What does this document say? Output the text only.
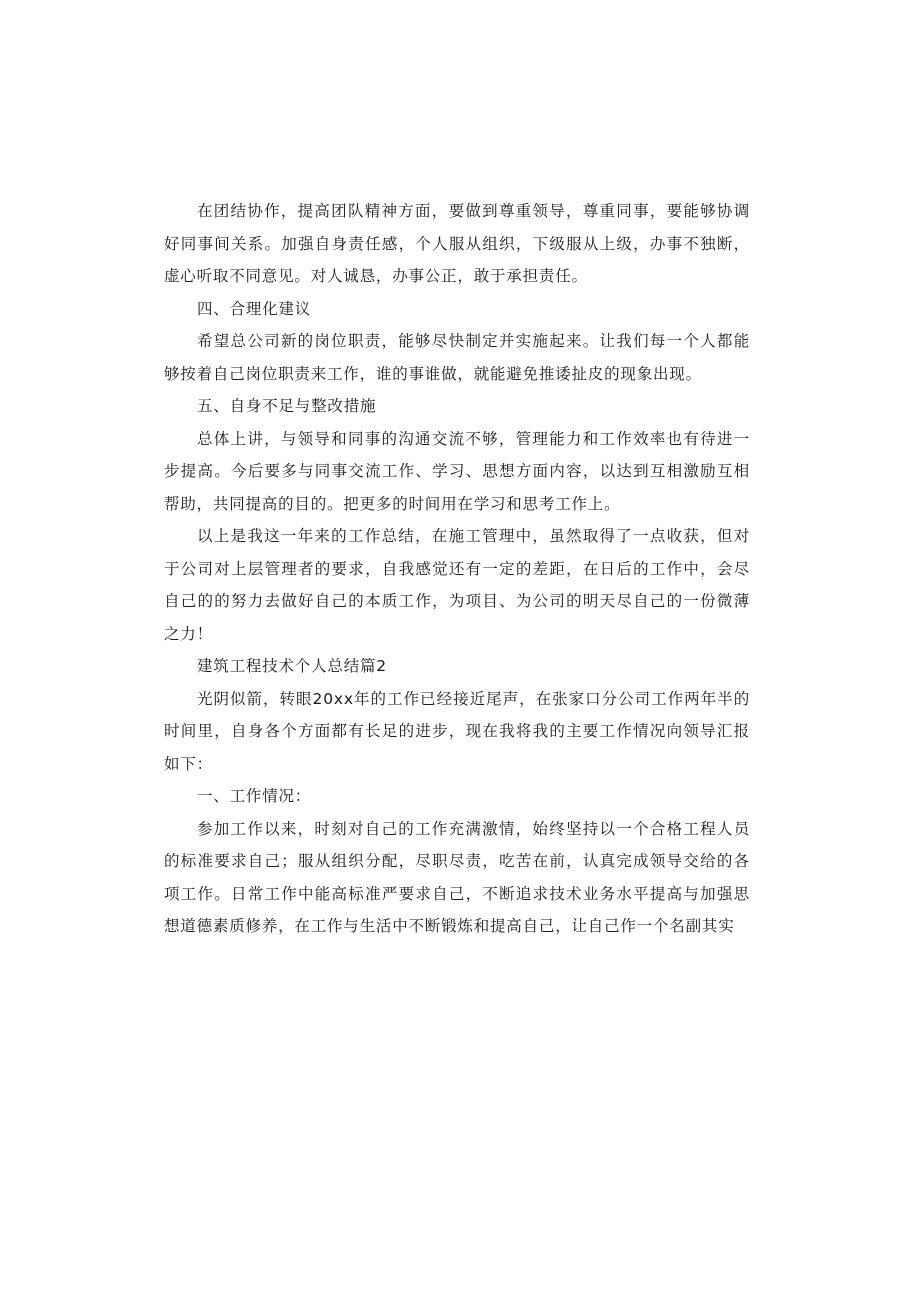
在团结协作，提高团队精神方面，要做到尊重领导，尊重同事，要能够协调好同事间关系。加强自身责任感，个人服从组织，下级服从上级，办事不独断，虚心听取不同意见。对人诚恳，办事公正，敢于承担责任。

四、合理化建议

希望总公司新的岗位职责，能够尽快制定并实施起来。让我们每一个人都能够按着自己岗位职责来工作，谁的事谁做，就能避免推诿扯皮的现象出现。

五、自身不足与整改措施

总体上讲，与领导和同事的沟通交流不够，管理能力和工作效率也有待进一步提高。今后要多与同事交流工作、学习、思想方面内容，以达到互相激励互相帮助，共同提高的目的。把更多的时间用在学习和思考工作上。

以上是我这一年来的工作总结，在施工管理中，虽然取得了一点收获，但对于公司对上层管理者的要求，自我感觉还有一定的差距，在日后的工作中，会尽自己的的努力去做好自己的本质工作，为项目、为公司的明天尽自己的一份微薄之力！

建筑工程技术个人总结篇2

光阴似箭，转眼20xx年的工作已经接近尾声，在张家口分公司工作两年半的时间里，自身各个方面都有长足的进步，现在我将我的主要工作情况向领导汇报如下：

一、工作情况：

参加工作以来，时刻对自己的工作充满激情，始终坚持以一个合格工程人员的标准要求自己；服从组织分配，尽职尽责，吃苦在前，认真完成领导交给的各项工作。日常工作中能高标准严要求自己，不断追求技术业务水平提高与加强思想道德素质修养，在工作与生活中不断锻炼和提高自己，让自己作一个名副其实
